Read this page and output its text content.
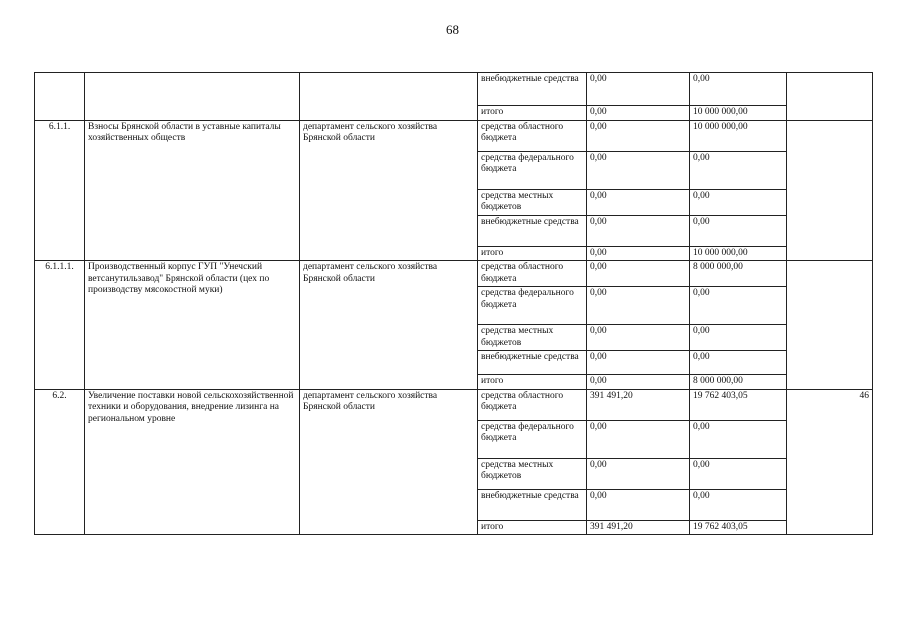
68
			внебюджетные средства	0,00	0,00	
			итого	0,00	10 000 000,00	
6.1.1.	Взносы Брянской области в уставные капиталы хозяйственных обществ	департамент сельского хозяйства Брянской области	средства областного бюджета	0,00	10 000 000,00	
			средства федерального бюджета	0,00	0,00	
			средства местных бюджетов	0,00	0,00	
			внебюджетные средства	0,00	0,00	
			итого	0,00	10 000 000,00	
6.1.1.1.	Производственный корпус ГУП "Унечский ветсанутильзавод" Брянской области (цех по производству мясокостной муки)	департамент сельского хозяйства Брянской области	средства областного бюджета	0,00	8 000 000,00	
			средства федерального бюджета	0,00	0,00	
			средства местных бюджетов	0,00	0,00	
			внебюджетные средства	0,00	0,00	
			итого	0,00	8 000 000,00	
6.2.	Увеличение поставки новой сельскохозяйственной техники и оборудования, внедрение лизинга на региональном уровне	департамент сельского хозяйства Брянской области	средства областного бюджета	391 491,20	19 762 403,05	46
			средства федерального бюджета	0,00	0,00	
			средства местных бюджетов	0,00	0,00	
			внебюджетные средства	0,00	0,00	
			итого	391 491,20	19 762 403,05	
